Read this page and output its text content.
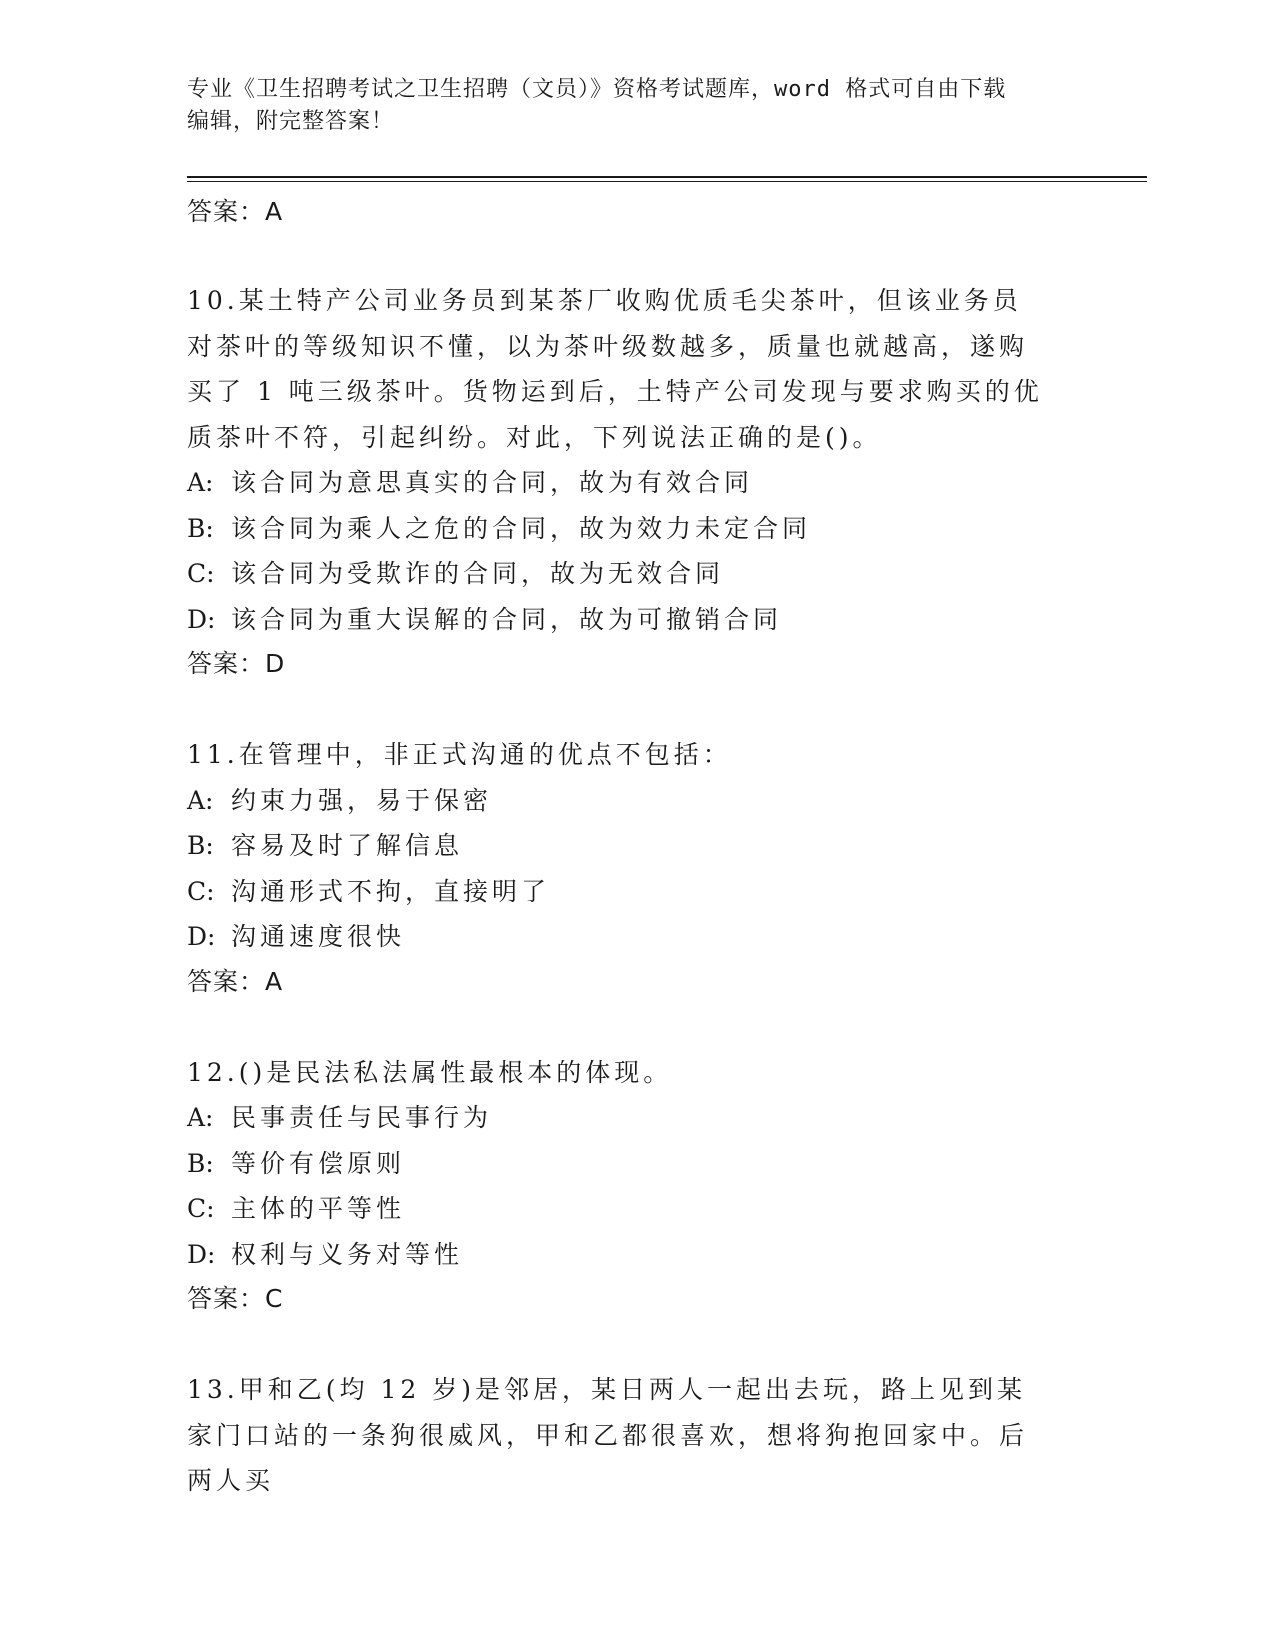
专业《卫生招聘考试之卫生招聘（文员）》资格考试题库，word 格式可自由下载
编辑，附完整答案！
答案：A

10.某土特产公司业务员到某茶厂收购优质毛尖茶叶，但该业务员对茶叶的等级知识不懂，以为茶叶级数越多，质量也就越高，遂购买了 1 吨三级茶叶。货物运到后，土特产公司发现与要求购买的优质茶叶不符，引起纠纷。对此，下列说法正确的是()。

A: 该合同为意思真实的合同，故为有效合同
B: 该合同为乘人之危的合同，故为效力未定合同
C: 该合同为受欺诈的合同，故为无效合同
D: 该合同为重大误解的合同，故为可撤销合同
答案：D

11.在管理中，非正式沟通的优点不包括：

A: 约束力强，易于保密
B: 容易及时了解信息
C: 沟通形式不拘，直接明了
D: 沟通速度很快
答案：A

12.()是民法私法属性最根本的体现。

A: 民事责任与民事行为
B: 等价有偿原则
C: 主体的平等性
D: 权利与义务对等性
答案：C

13.甲和乙(均 12 岁)是邻居，某日两人一起出去玩，路上见到某家门口站的一条狗很威风，甲和乙都很喜欢，想将狗抱回家中。后两人买
